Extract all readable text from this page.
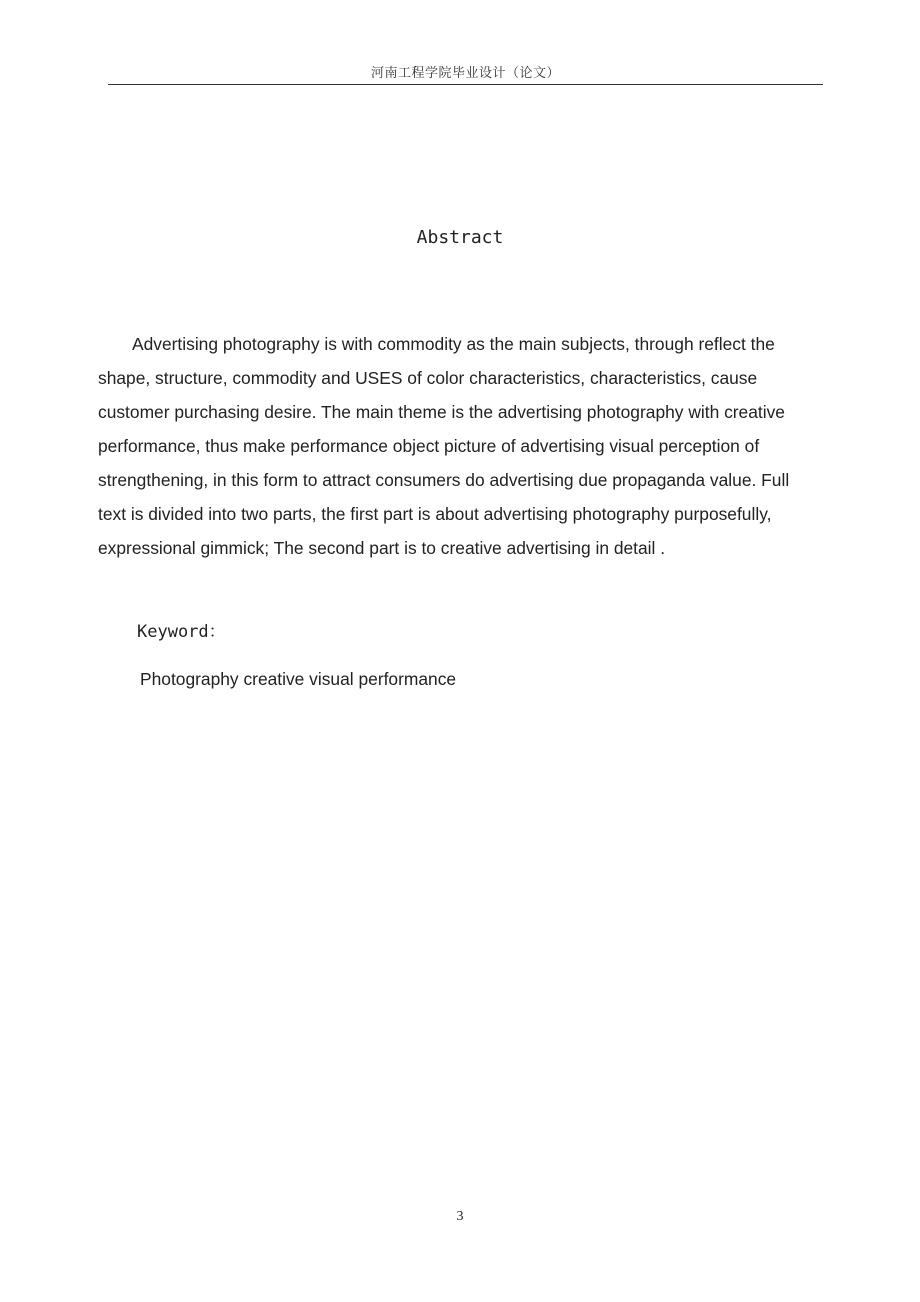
河南工程学院毕业设计（论文）
Abstract

Advertising photography is with commodity as the main subjects, through reflect the shape, structure, commodity and USES of color characteristics, characteristics, cause customer purchasing desire. The main theme is the advertising photography with creative performance, thus make performance object picture of advertising visual perception of strengthening, in this form to attract consumers do advertising due propaganda value. Full text is divided into two parts, the first part is about advertising photography purposefully, expressional gimmick; The second part is to creative advertising in detail .

Keyword：
Photography creative visual performance
3
